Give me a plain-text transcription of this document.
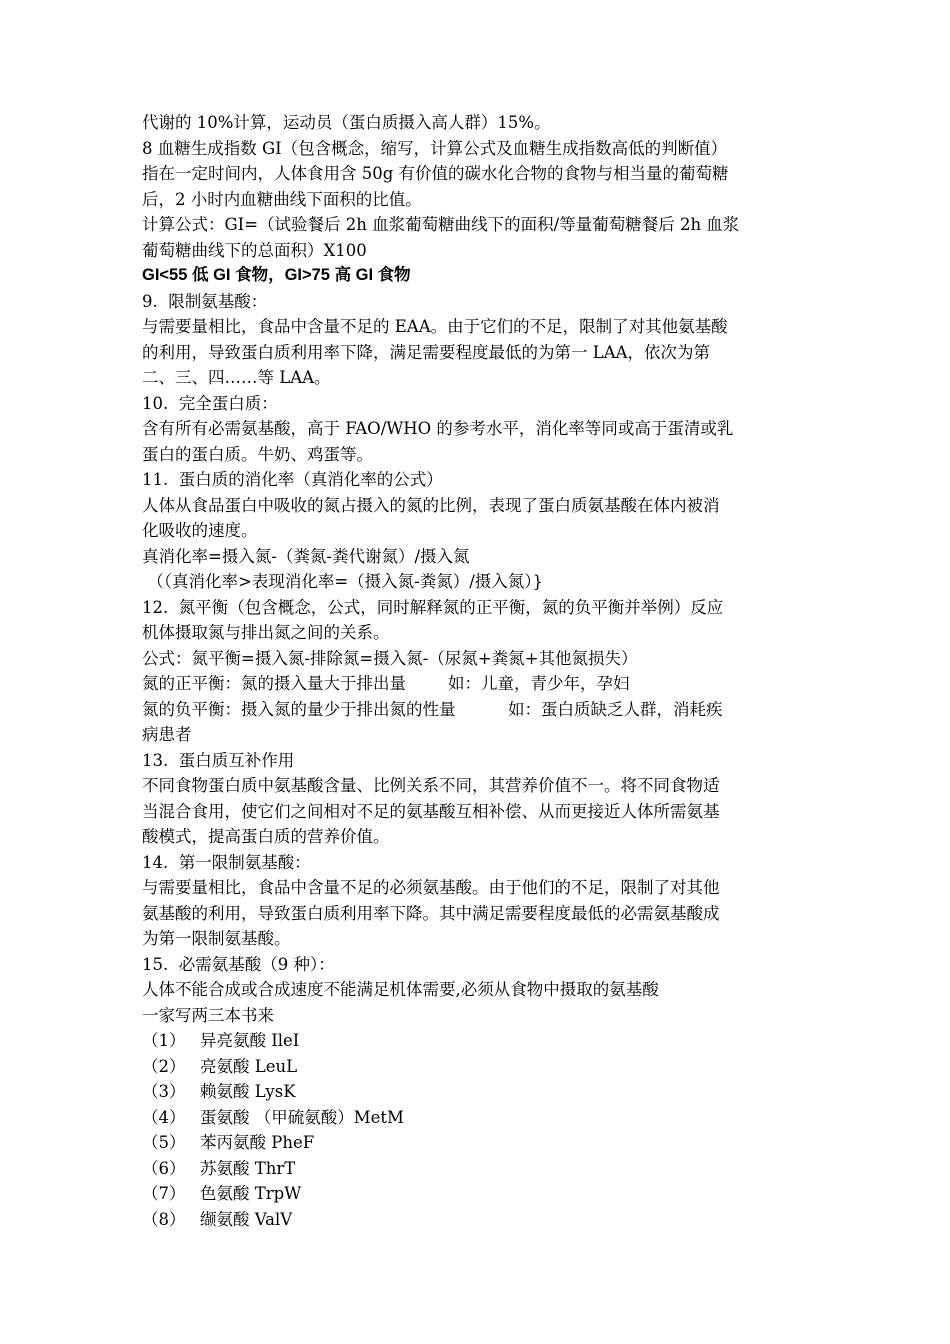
代谢的 10%计算，运动员（蛋白质摄入高人群）15%。
8 血糖生成指数 GI（包含概念，缩写，计算公式及血糖生成指数高低的判断值）
指在一定时间内，人体食用含 50g 有价值的碳水化合物的食物与相当量的葡萄糖
后，2 小时内血糖曲线下面积的比值。
计算公式：GI=（试验餐后 2h 血浆葡萄糖曲线下的面积/等量葡萄糖餐后 2h 血浆
葡萄糖曲线下的总面积）X100
GI<55 低 GI 食物，GI>75 高 GI 食物
9.  限制氨基酸：
与需要量相比，食品中含量不足的 EAA。由于它们的不足，限制了对其他氨基酸
的利用，导致蛋白质利用率下降，满足需要程度最低的为第一 LAA，依次为第
二、三、四……等 LAA。
10.  完全蛋白质：
含有所有必需氨基酸，高于 FAO/WHO 的参考水平，消化率等同或高于蛋清或乳
蛋白的蛋白质。牛奶、鸡蛋等。
11.  蛋白质的消化率（真消化率的公式）
人体从食品蛋白中吸收的氮占摄入的氮的比例，表现了蛋白质氨基酸在体内被消
化吸收的速度。
真消化率=摄入氮-（粪氮-粪代谢氮）/摄入氮
（（真消化率>表现消化率=（摄入氮-粪氮）/摄入氮）}
12.  氮平衡（包含概念，公式，同时解释氮的正平衡，氮的负平衡并举例）反应
机体摄取氮与排出氮之间的关系。
公式：氮平衡=摄入氮-排除氮=摄入氮-（尿氮+粪氮+其他氮损失）
氮的正平衡：氮的摄入量大于排出量        如：儿童，青少年，孕妇
氮的负平衡：摄入氮的量少于排出氮的性量          如：蛋白质缺乏人群，消耗疾
病患者
13.  蛋白质互补作用
不同食物蛋白质中氨基酸含量、比例关系不同，其营养价值不一。将不同食物适
当混合食用，使它们之间相对不足的氨基酸互相补偿、从而更接近人体所需氨基
酸模式，提高蛋白质的营养价值。
14.  第一限制氨基酸：
与需要量相比，食品中含量不足的必须氨基酸。由于他们的不足，限制了对其他
氨基酸的利用，导致蛋白质利用率下降。其中满足需要程度最低的必需氨基酸成
为第一限制氨基酸。
15.  必需氨基酸（9 种）：
人体不能合成或合成速度不能满足机体需要,必须从食物中摄取的氨基酸
一家写两三本书来
（1） 异亮氨酸 IleI
（2） 亮氨酸 LeuL
（3） 赖氨酸 LysK
（4） 蛋氨酸 （甲硫氨酸）MetM
（5） 苯丙氨酸 PheF
（6） 苏氨酸 ThrT
（7） 色氨酸 TrpW
（8） 缬氨酸 ValV
